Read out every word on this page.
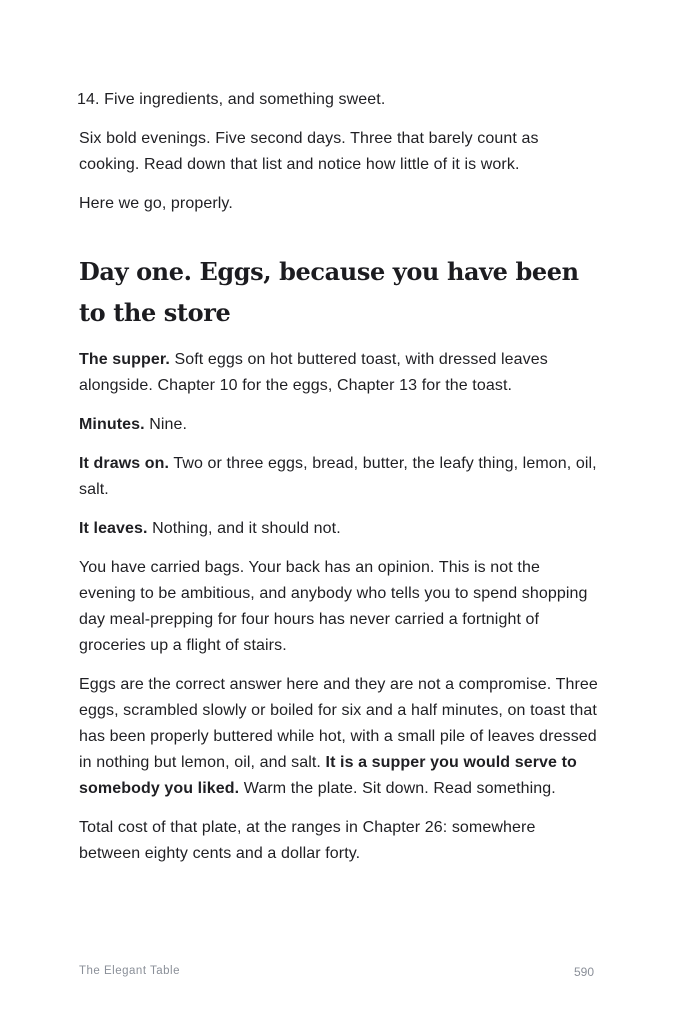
14. Five ingredients, and something sweet.

Six bold evenings. Five second days. Three that barely count as cooking. Read down that list and notice how little of it is work.

Here we go, properly.

Day one. Eggs, because you have been to the store

The supper. Soft eggs on hot buttered toast, with dressed leaves alongside. Chapter 10 for the eggs, Chapter 13 for the toast.

Minutes. Nine.

It draws on. Two or three eggs, bread, butter, the leafy thing, lemon, oil, salt.

It leaves. Nothing, and it should not.

You have carried bags. Your back has an opinion. This is not the evening to be ambitious, and anybody who tells you to spend shopping day meal-prepping for four hours has never carried a fortnight of groceries up a flight of stairs.

Eggs are the correct answer here and they are not a compromise. Three eggs, scrambled slowly or boiled for six and a half minutes, on toast that has been properly buttered while hot, with a small pile of leaves dressed in nothing but lemon, oil, and salt. It is a supper you would serve to somebody you liked. Warm the plate. Sit down. Read something.

Total cost of that plate, at the ranges in Chapter 26: somewhere between eighty cents and a dollar forty.

The Elegant Table	590
